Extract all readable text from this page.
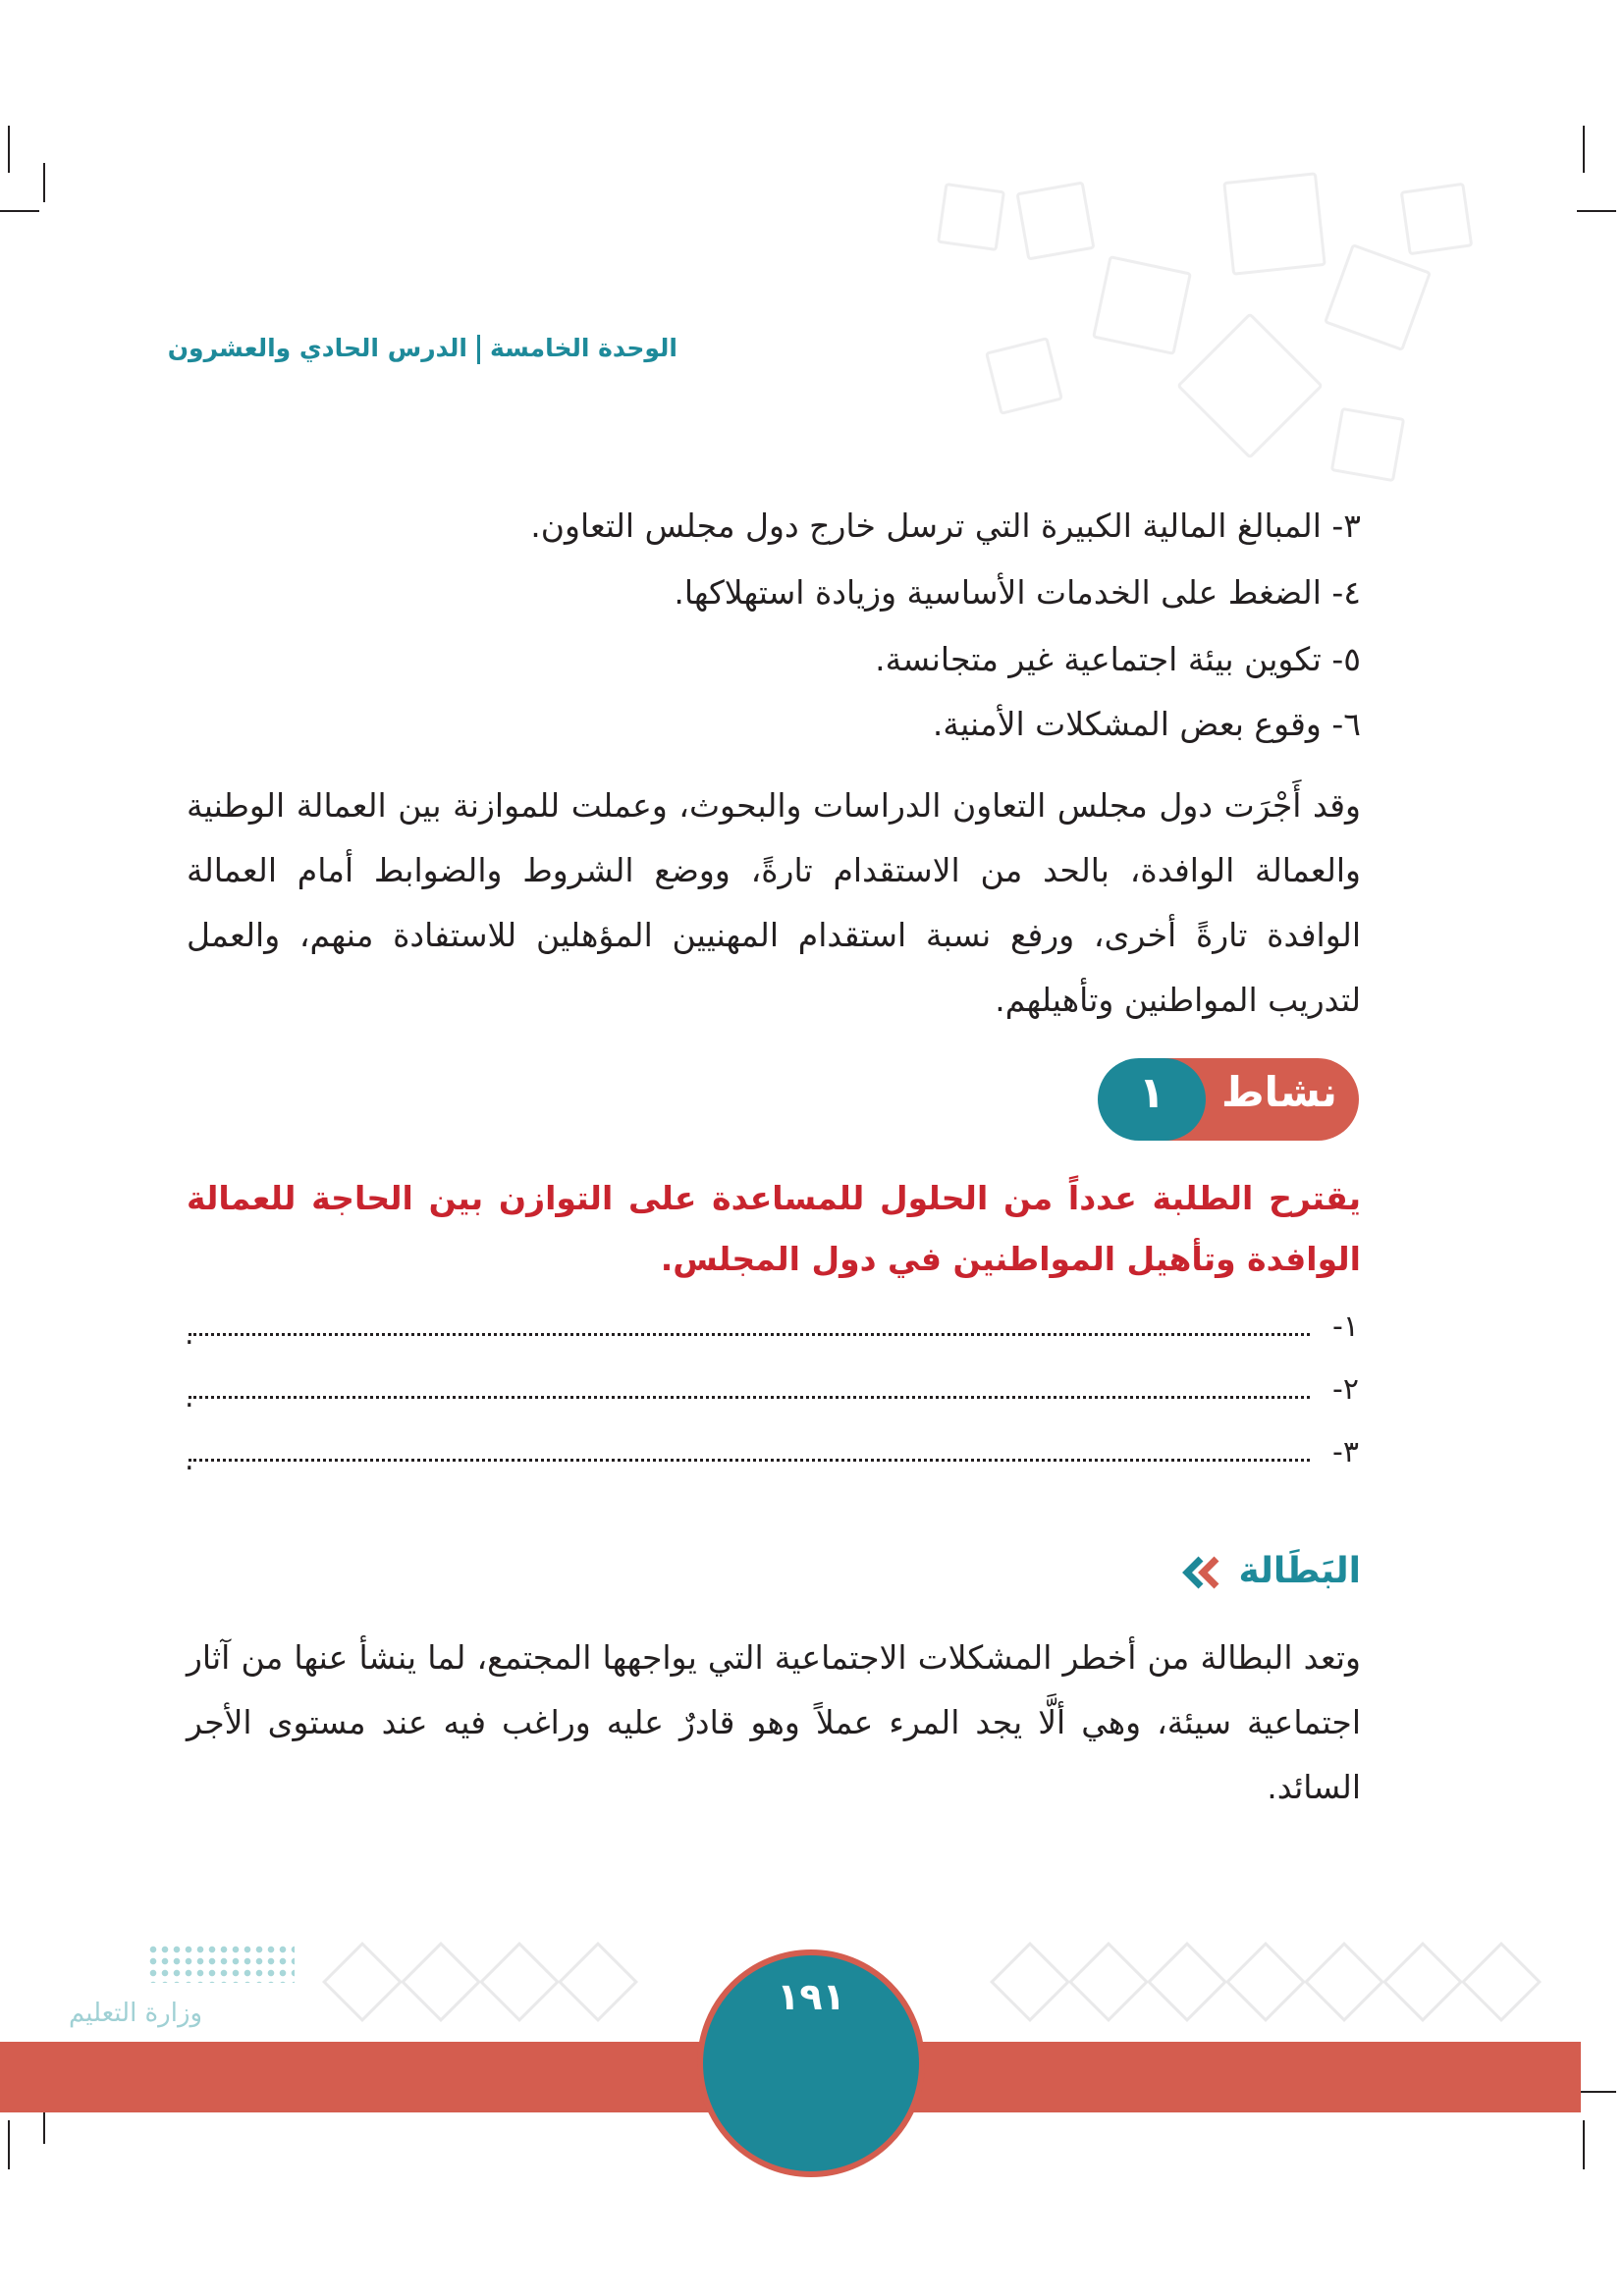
الوحدة الخامسةالدرس الحادي والعشرون
٣- المبالغ المالية الكبيرة التي ترسل خارج دول مجلس التعاون.
٤- الضغط على الخدمات الأساسية وزيادة استهلاكها.
٥- تكوين بيئة اجتماعية غير متجانسة.
٦- وقوع بعض المشكلات الأمنية.
وقد أَجْرَت دول مجلس التعاون الدراسات والبحوث، وعملت للموازنة بين العمالة الوطنية والعمالة الوافدة، بالحد من الاستقدام تارةً، ووضع الشروط والضوابط أمام العمالة الوافدة تارةً أخرى، ورفع نسبة استقدام المهنيين المؤهلين للاستفادة منهم، والعمل لتدريب المواطنين وتأهيلهم.
نشاط
١
يقترح الطلبة عدداً من الحلول للمساعدة على التوازن بين الحاجة للعمالة الوافدة وتأهيل المواطنين في دول المجلس.
١-
.
٢-
.
٣-
.
البَطَالة
وتعد البطالة من أخطر المشكلات الاجتماعية التي يواجهها المجتمع، لما ينشأ عنها من آثار اجتماعية سيئة، وهي ألَّا يجد المرء عملاً وهو قادرٌ عليه وراغب فيه عند مستوى الأجر السائد.
وزارة التعليم	١٩١
